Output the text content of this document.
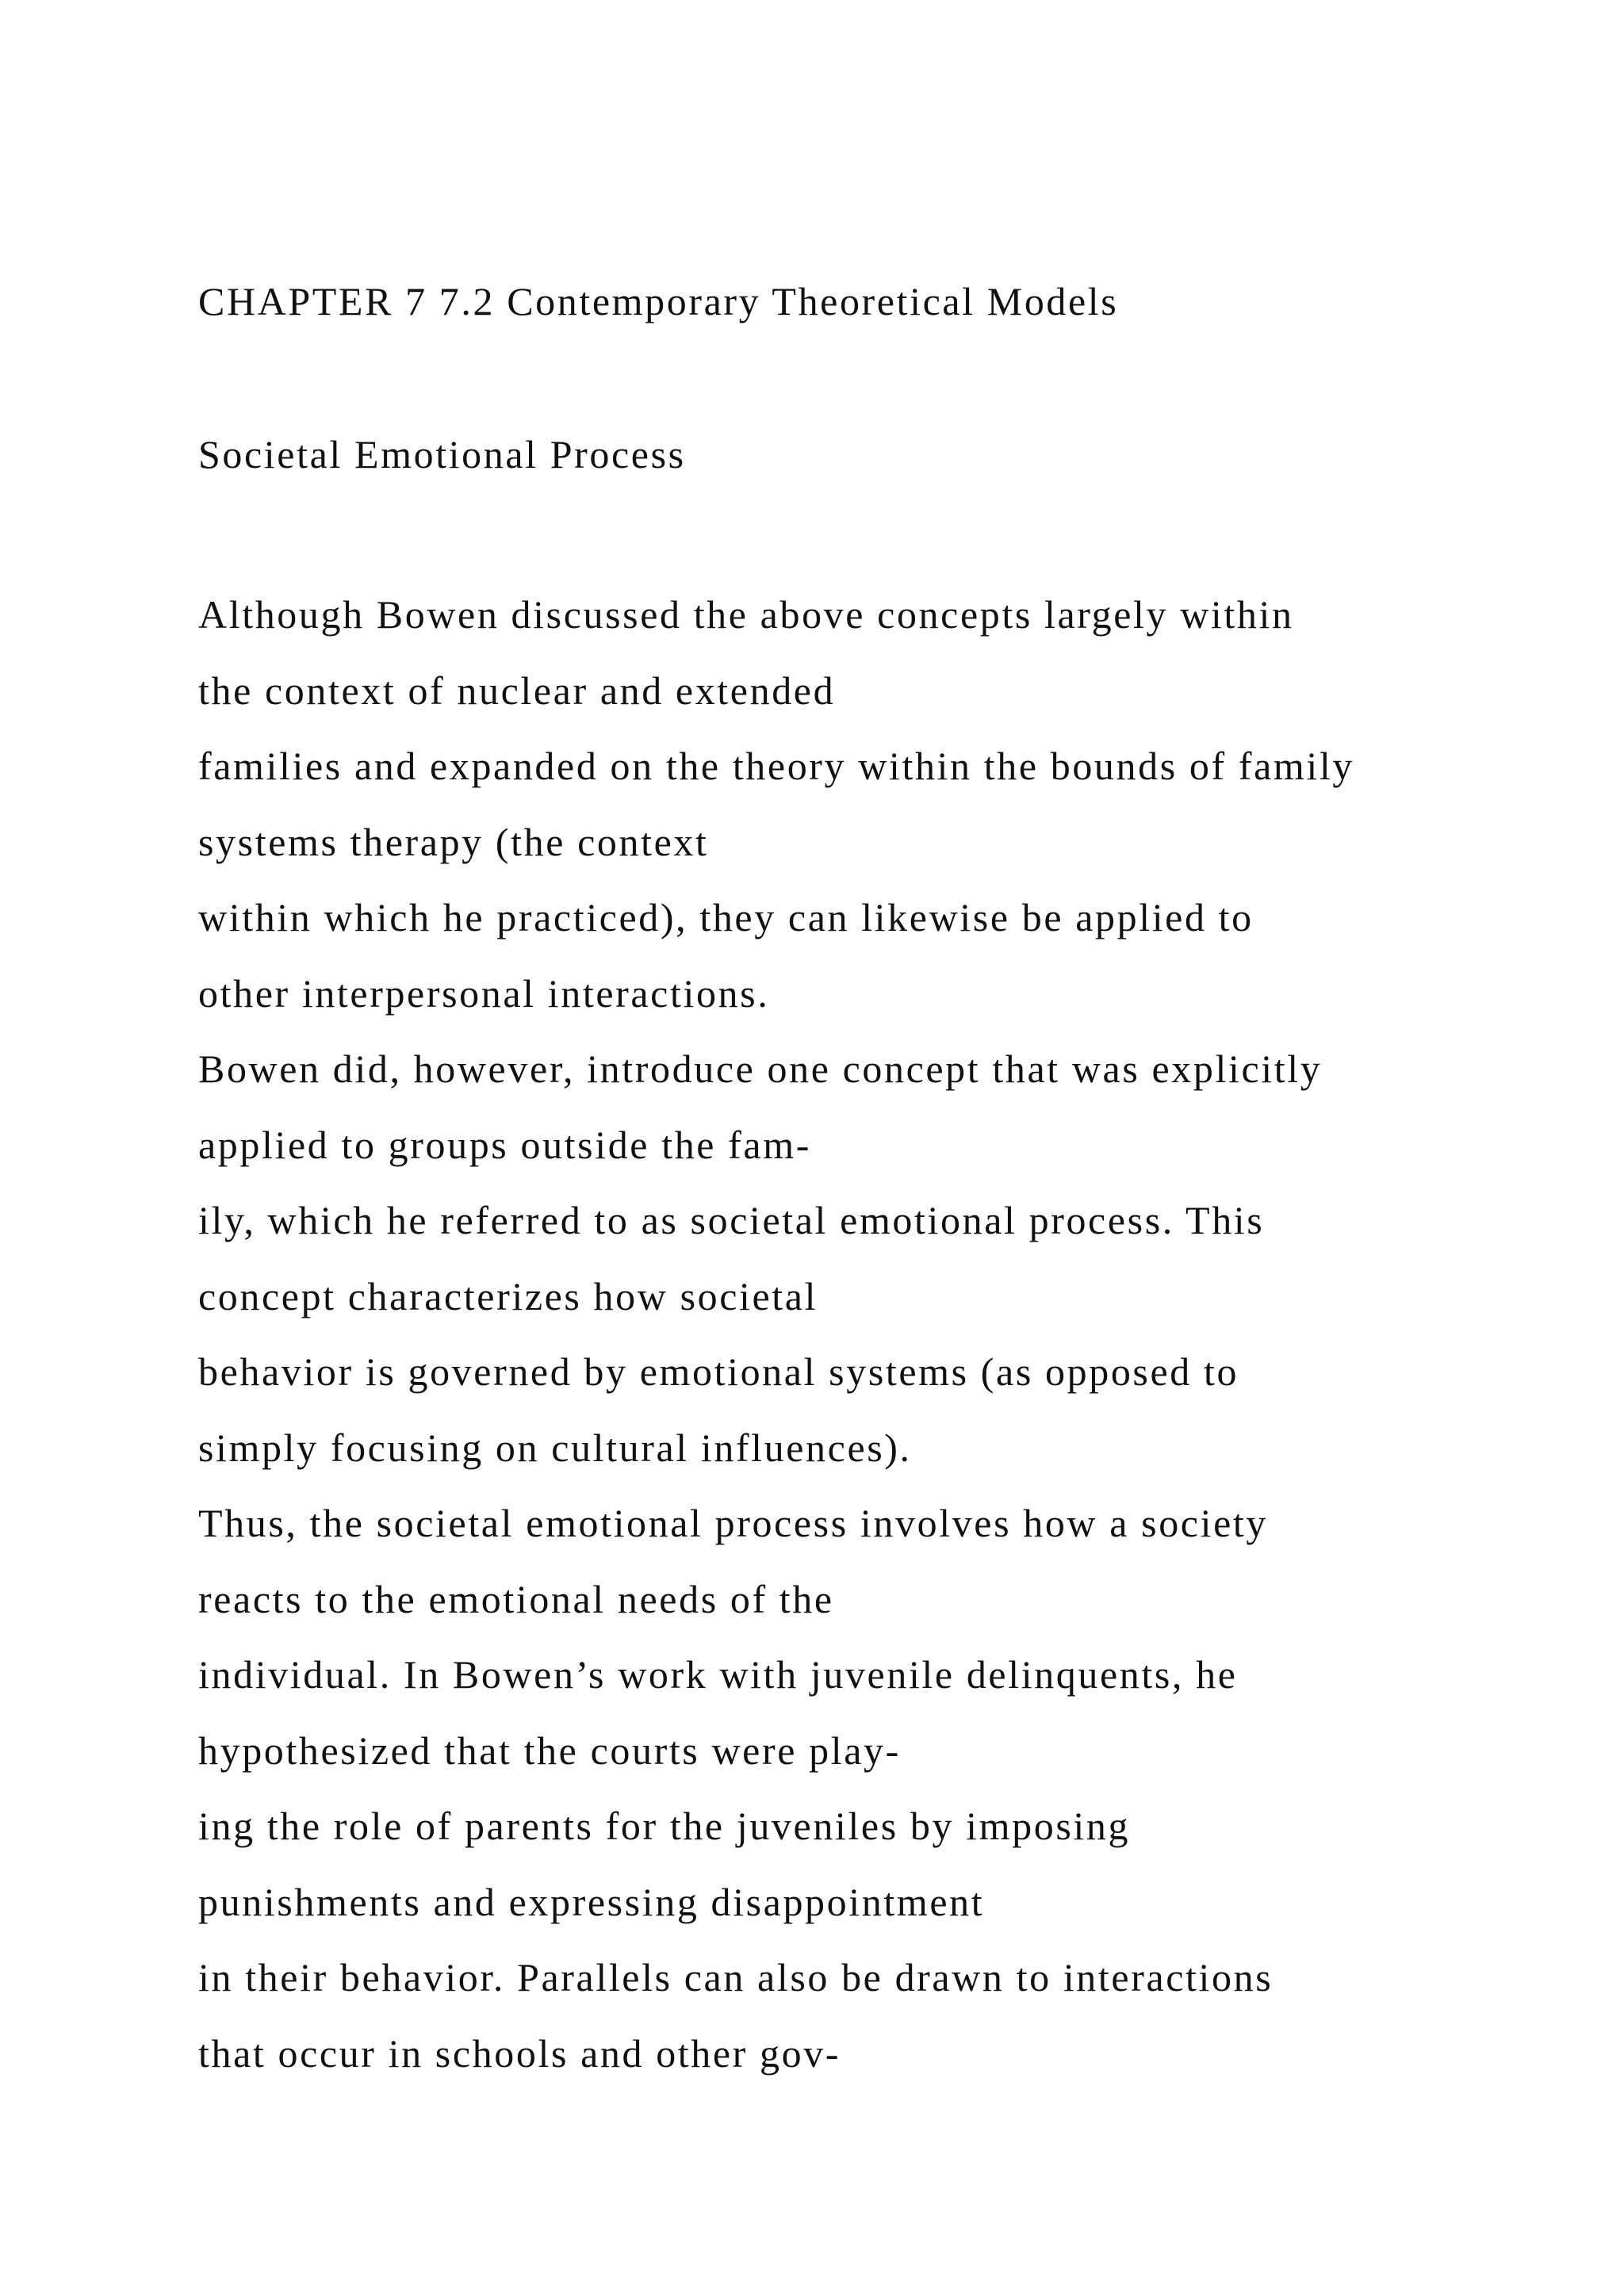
CHAPTER 7 7.2 Contemporary Theoretical Models
Societal Emotional Process
Although Bowen discussed the above concepts largely within
the context of nuclear and extended
families and expanded on the theory within the bounds of family
systems therapy (the context
within which he practiced), they can likewise be applied to
other interpersonal interactions.
Bowen did, however, introduce one concept that was explicitly
applied to groups outside the fam-
ily, which he referred to as societal emotional process. This
concept characterizes how societal
behavior is governed by emotional systems (as opposed to
simply focusing on cultural influences).
Thus, the societal emotional process involves how a society
reacts to the emotional needs of the
individual. In Bowen’s work with juvenile delinquents, he
hypothesized that the courts were play-
ing the role of parents for the juveniles by imposing
punishments and expressing disappointment
in their behavior. Parallels can also be drawn to interactions
that occur in schools and other gov-
